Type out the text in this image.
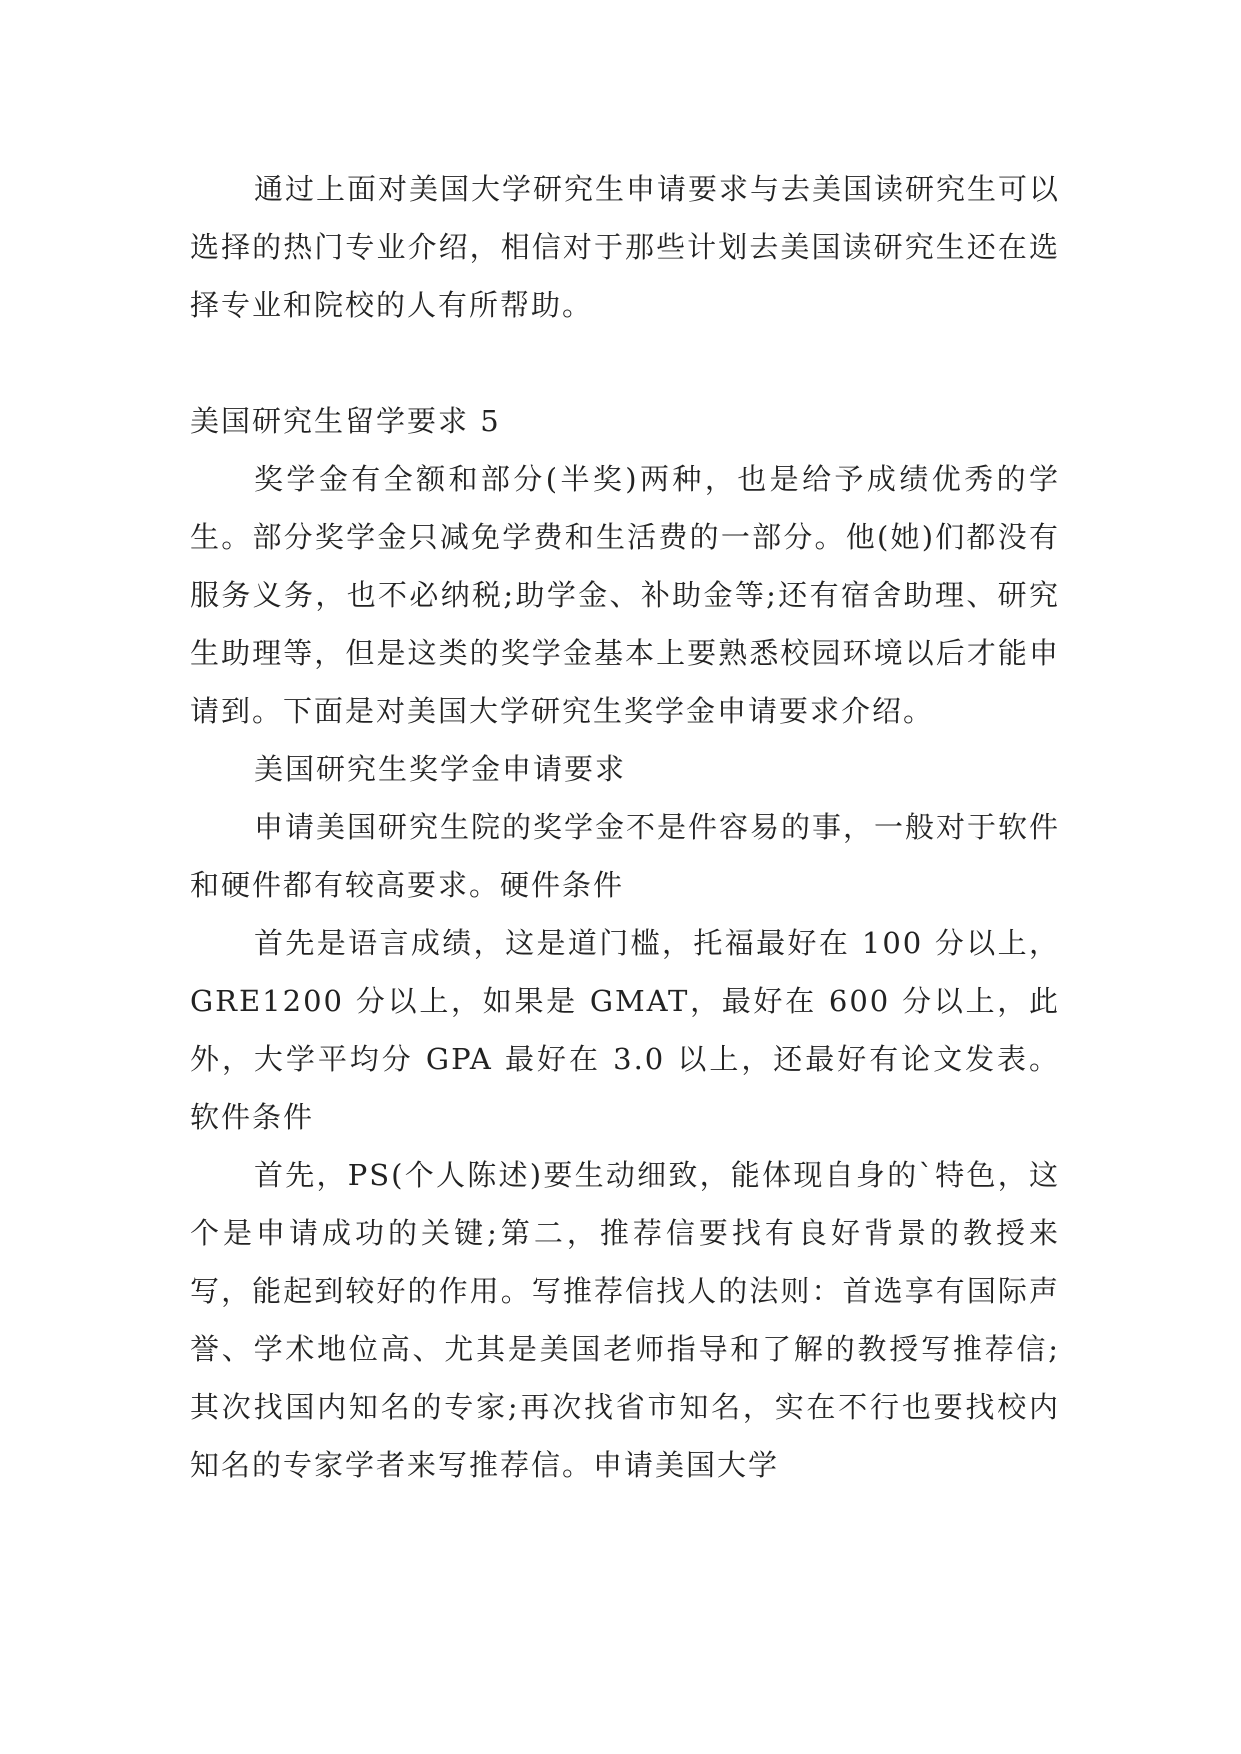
通过上面对美国大学研究生申请要求与去美国读研究生可以选择的热门专业介绍，相信对于那些计划去美国读研究生还在选择专业和院校的人有所帮助。

美国研究生留学要求 5

奖学金有全额和部分(半奖)两种，也是给予成绩优秀的学生。部分奖学金只减免学费和生活费的一部分。他(她)们都没有服务义务，也不必纳税;助学金、补助金等;还有宿舍助理、研究生助理等，但是这类的奖学金基本上要熟悉校园环境以后才能申请到。下面是对美国大学研究生奖学金申请要求介绍。

美国研究生奖学金申请要求

申请美国研究生院的奖学金不是件容易的事，一般对于软件和硬件都有较高要求。硬件条件

首先是语言成绩，这是道门槛，托福最好在 100 分以上，GRE1200 分以上，如果是 GMAT，最好在 600 分以上，此外，大学平均分 GPA 最好在 3.0 以上，还最好有论文发表。软件条件

首先，PS(个人陈述)要生动细致，能体现自身的`特色，这个是申请成功的关键;第二，推荐信要找有良好背景的教授来写，能起到较好的作用。写推荐信找人的法则：首选享有国际声誉、学术地位高、尤其是美国老师指导和了解的教授写推荐信;其次找国内知名的专家;再次找省市知名，实在不行也要找校内知名的专家学者来写推荐信。申请美国大学
